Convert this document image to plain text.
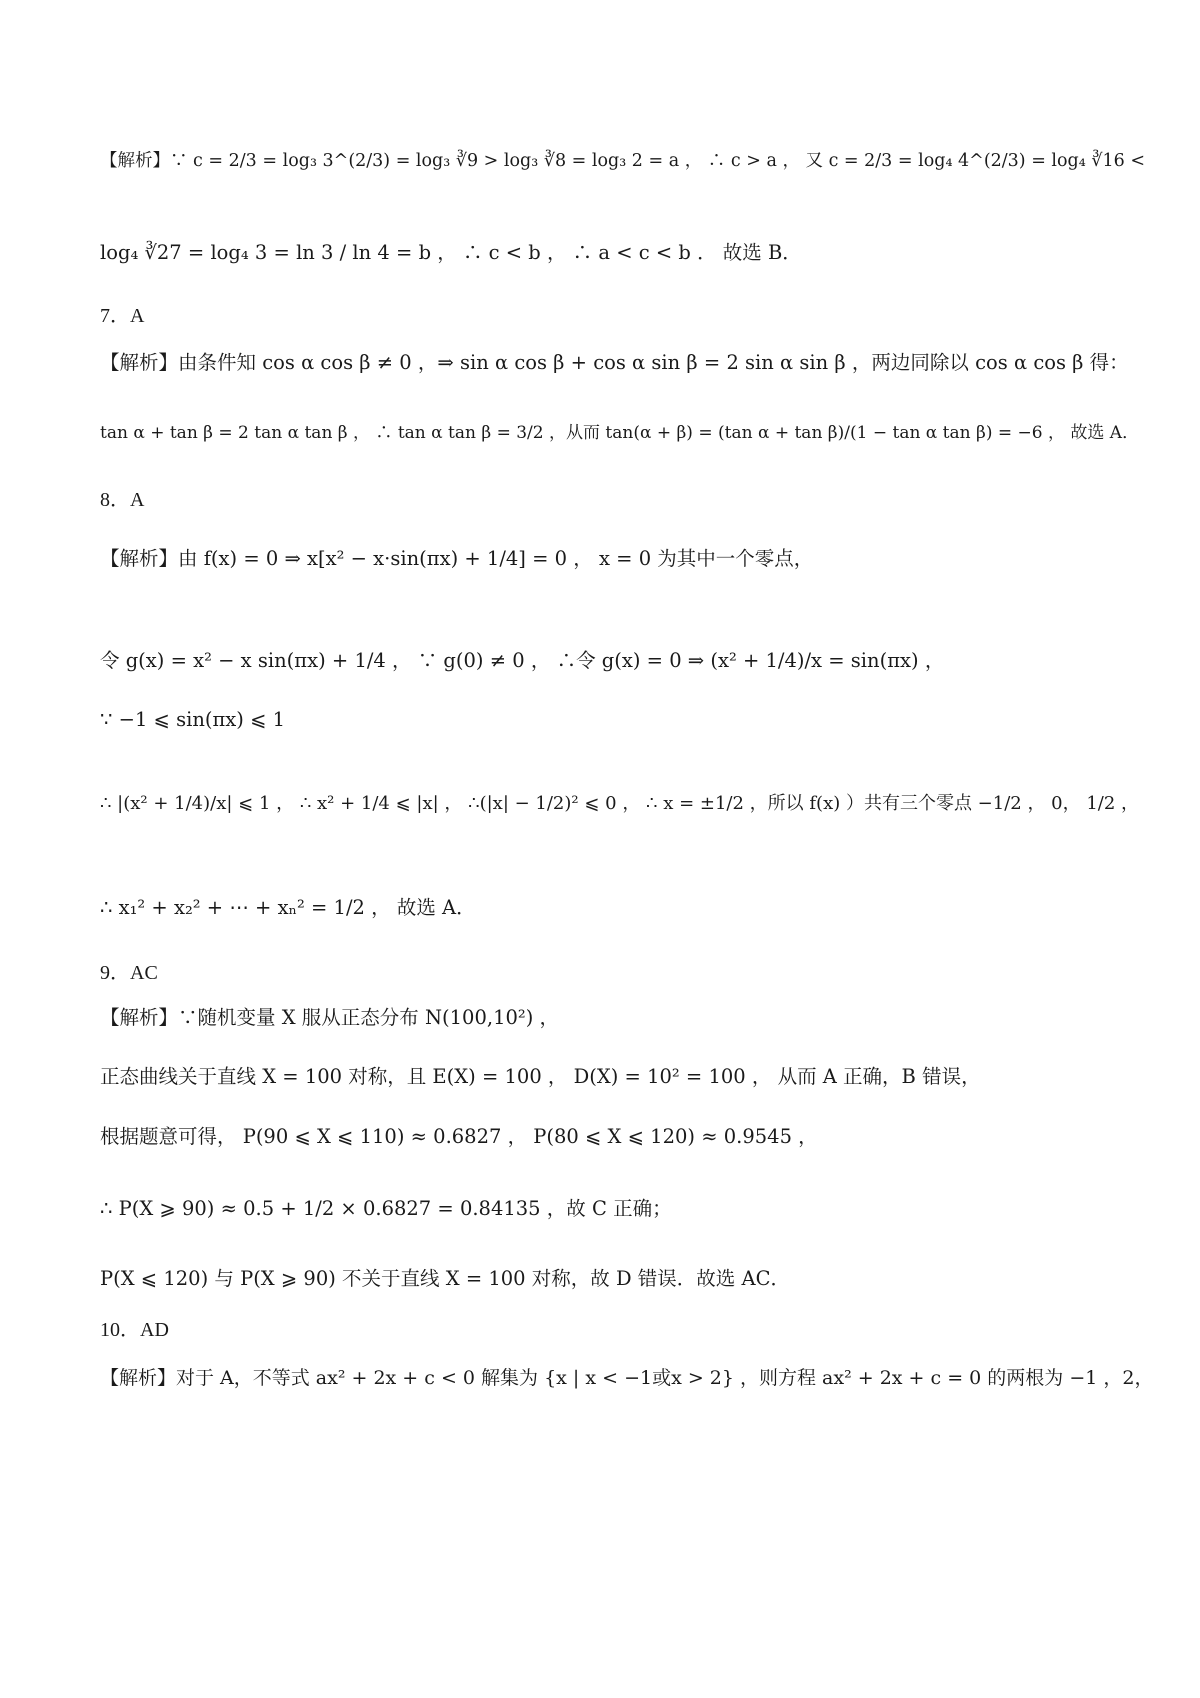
【解析】∵ c = 2/3 = log₃ 3^(2/3) = log₃ ∛9 > log₃ ∛8 = log₃ 2 = a ， ∴ c > a ， 又 c = 2/3 = log₄ 4^(2/3) = log₄ ∛16 <
log₄ ∛27 = log₄ 3 = ln 3 / ln 4 = b ， ∴ c < b ， ∴ a < c < b ． 故选 B．
7．A
【解析】由条件知 cos α cos β ≠ 0 ，⇒ sin α cos β + cos α sin β = 2 sin α sin β ，两边同除以 cos α cos β 得：
tan α + tan β = 2 tan α tan β ， ∴ tan α tan β = 3/2 ，从而 tan(α + β) = (tan α + tan β)/(1 − tan α tan β) = −6 ， 故选 A．
8．A
【解析】由 f(x) = 0 ⇒ x[x² − x·sin(πx) + 1/4] = 0 ， x = 0 为其中一个零点，
令 g(x) = x² − x sin(πx) + 1/4 ， ∵ g(0) ≠ 0 ， ∴令 g(x) = 0 ⇒ (x² + 1/4)/x = sin(πx) ，
∵ −1 ⩽ sin(πx) ⩽ 1
∴ |(x² + 1/4)/x| ⩽ 1 ， ∴ x² + 1/4 ⩽ |x| ， ∴(|x| − 1/2)² ⩽ 0 ， ∴ x = ±1/2 ，所以 f(x) ）共有三个零点 −1/2 ， 0， 1/2 ，
∴ x₁² + x₂² + ⋯ + xₙ² = 1/2 ， 故选 A．
9．AC
【解析】∵随机变量 X 服从正态分布 N(100,10²) ，
正态曲线关于直线 X = 100 对称，且 E(X) = 100 ， D(X) = 10² = 100 ， 从而 A 正确，B 错误，
根据题意可得， P(90 ⩽ X ⩽ 110) ≈ 0.6827 ， P(80 ⩽ X ⩽ 120) ≈ 0.9545 ，
∴ P(X ⩾ 90) ≈ 0.5 + 1/2 × 0.6827 = 0.84135 ，故 C 正确；
P(X ⩽ 120) 与 P(X ⩾ 90) 不关于直线 X = 100 对称，故 D 错误．故选 AC．
10．AD
【解析】对于 A，不等式 ax² + 2x + c < 0 解集为 {x | x < −1或x > 2} ，则方程 ax² + 2x + c = 0 的两根为 −1 ，2，
